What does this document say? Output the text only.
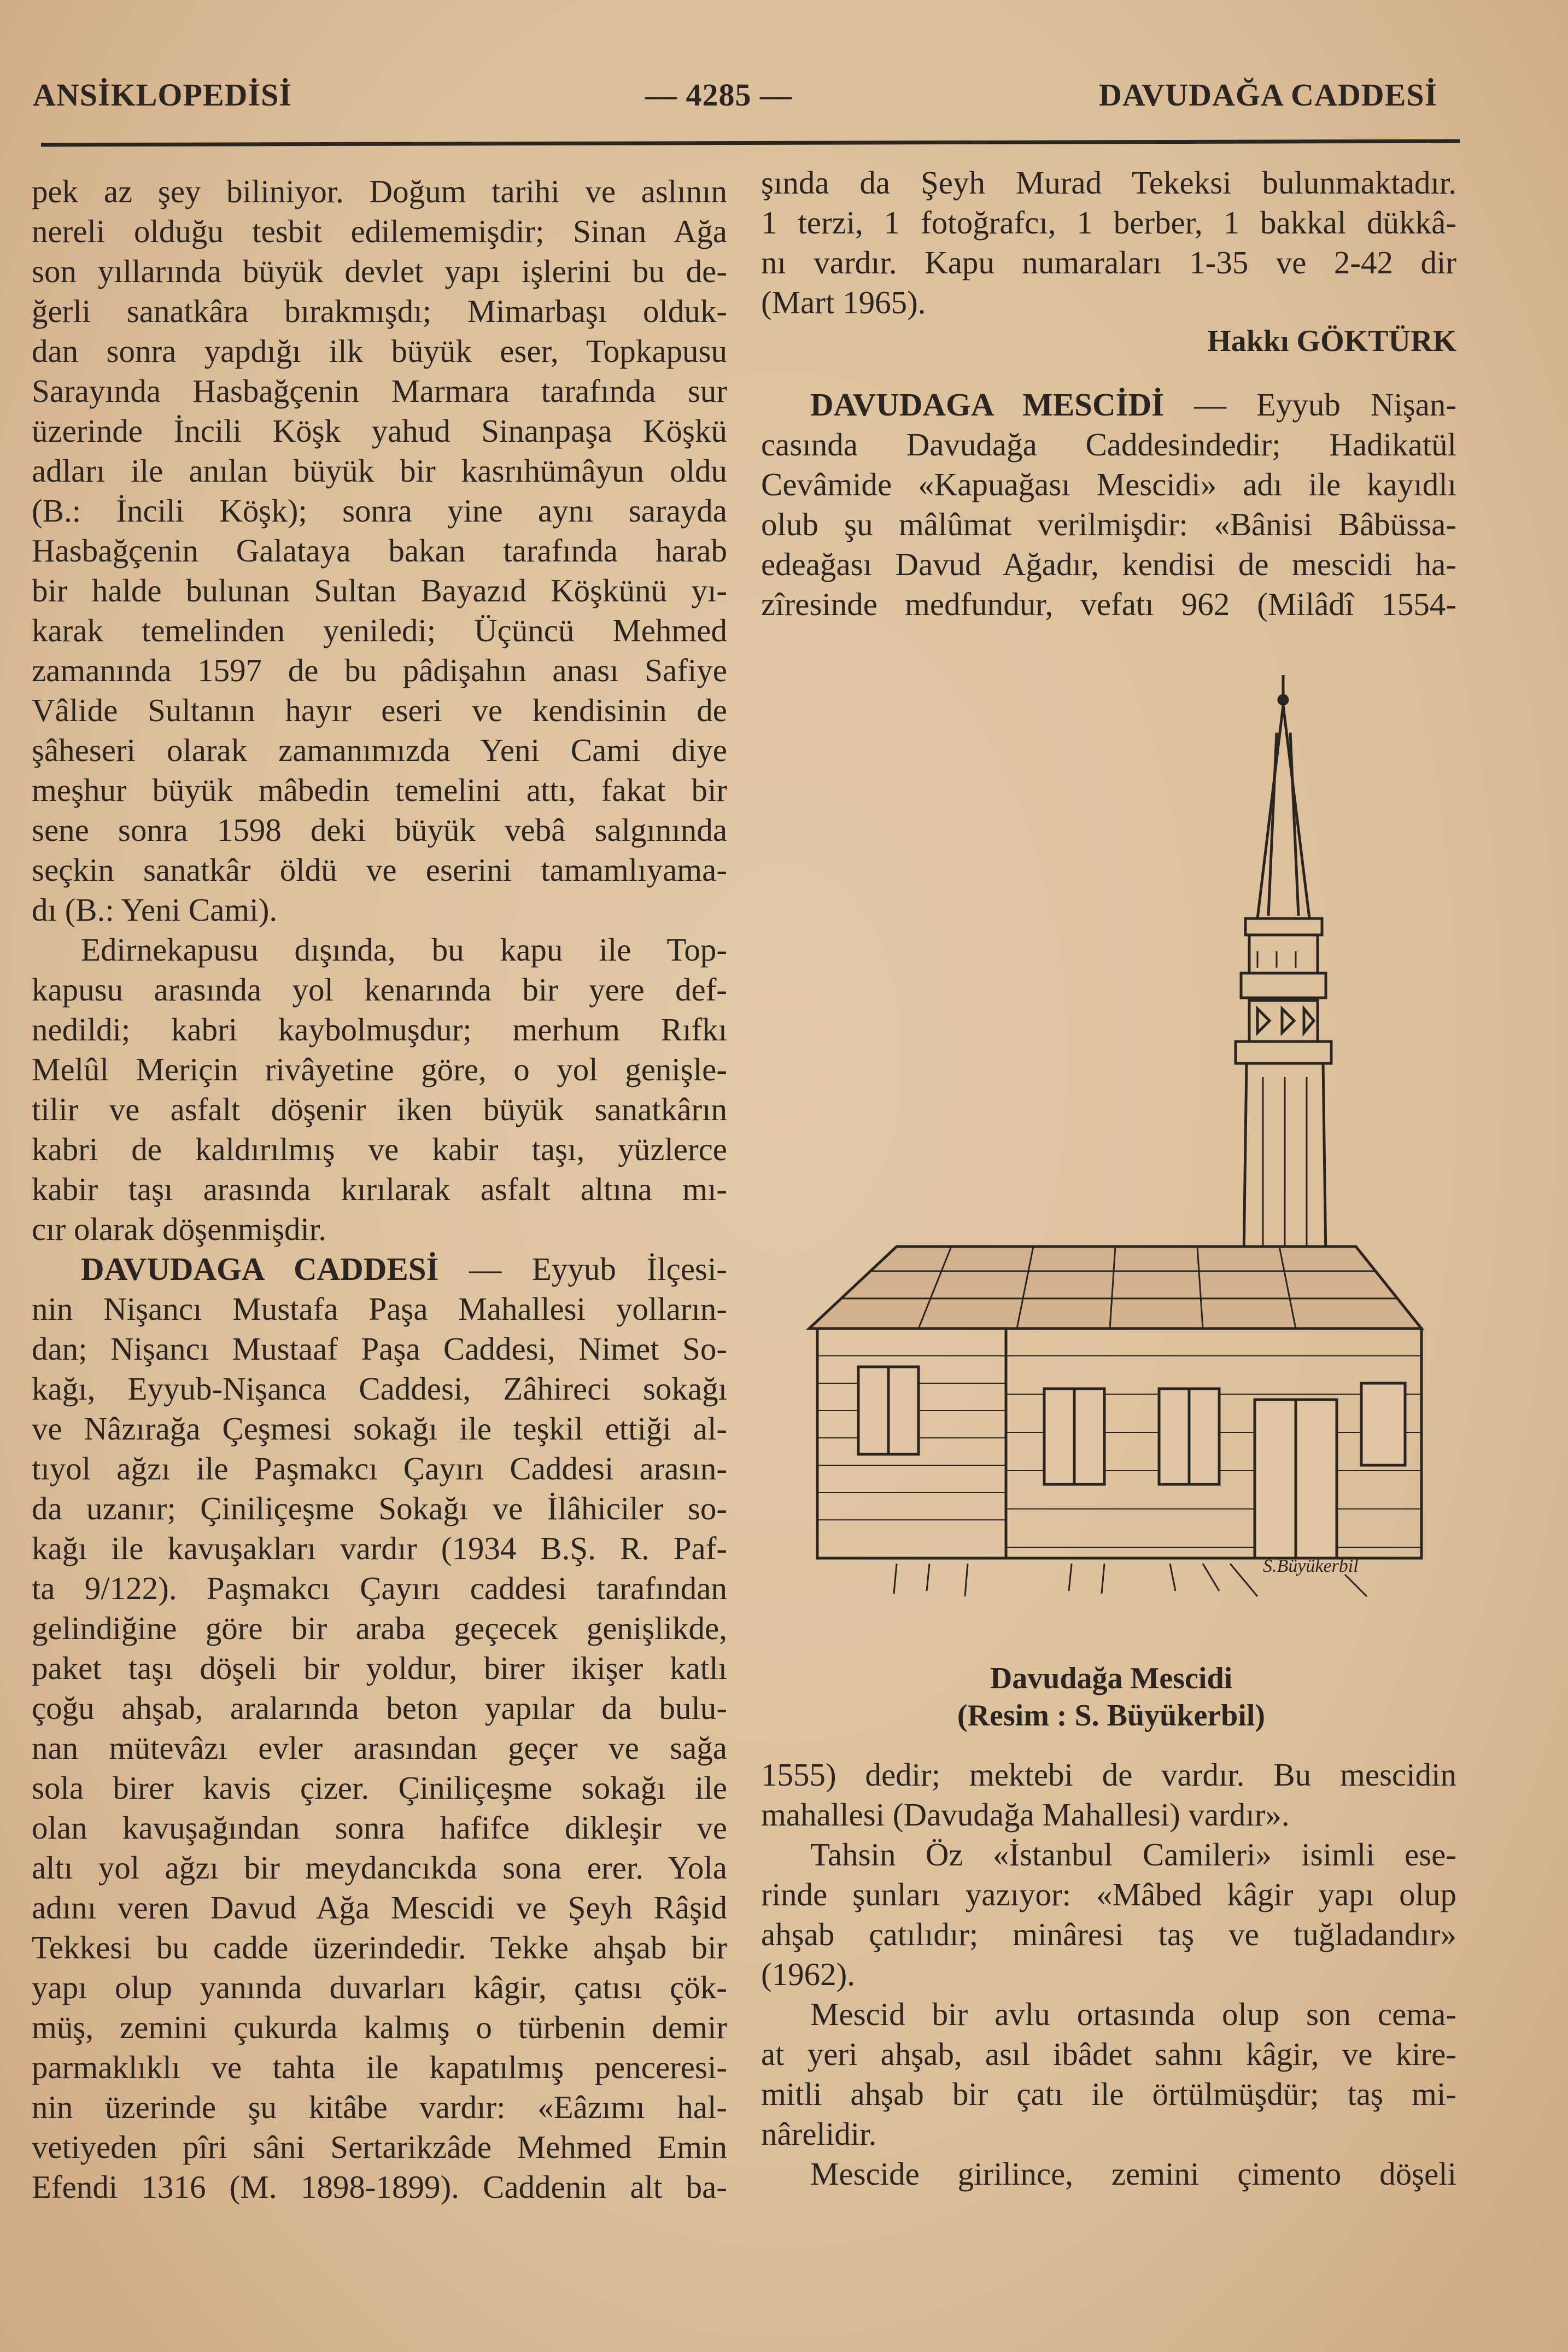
ANSİKLOPEDİSİ	— 4285 —	DAVUDAĞA CADDESİ
pek az şey biliniyor. Doğum tarihi ve aslının
nereli olduğu tesbit edilememişdir; Sinan Ağa
son yıllarında büyük devlet yapı işlerini bu de-
ğerli sanatkâra bırakmışdı; Mimarbaşı olduk-
dan sonra yapdığı ilk büyük eser, Topkapusu
Sarayında Hasbağçenin Marmara tarafında sur
üzerinde İncili Köşk yahud Sinanpaşa Köşkü
adları ile anılan büyük bir kasrıhümâyun oldu
(B.: İncili Köşk); sonra yine aynı sarayda
Hasbağçenin Galataya bakan tarafında harab
bir halde bulunan Sultan Bayazıd Köşkünü yı-
karak temelinden yeniledi; Üçüncü Mehmed
zamanında 1597 de bu pâdişahın anası Safiye
Vâlide Sultanın hayır eseri ve kendisinin de
şâheseri olarak zamanımızda Yeni Cami diye
meşhur büyük mâbedin temelini attı, fakat bir
sene sonra 1598 deki büyük vebâ salgınında
seçkin sanatkâr öldü ve eserini tamamlıyama-
dı (B.: Yeni Cami).
Edirnekapusu dışında, bu kapu ile Top-
kapusu arasında yol kenarında bir yere def-
nedildi; kabri kaybolmuşdur; merhum Rıfkı
Melûl Meriçin rivâyetine göre, o yol genişle-
tilir ve asfalt döşenir iken büyük sanatkârın
kabri de kaldırılmış ve kabir taşı, yüzlerce
kabir taşı arasında kırılarak asfalt altına mı-
cır olarak döşenmişdir.
DAVUDAGA CADDESİ — Eyyub İlçesi-
nin Nişancı Mustafa Paşa Mahallesi yolların-
dan; Nişancı Mustaaf Paşa Caddesi, Nimet So-
kağı, Eyyub-Nişanca Caddesi, Zâhireci sokağı
ve Nâzırağa Çeşmesi sokağı ile teşkil ettiği al-
tıyol ağzı ile Paşmakcı Çayırı Caddesi arasın-
da uzanır; Çiniliçeşme Sokağı ve İlâhiciler so-
kağı ile kavuşakları vardır (1934 B.Ş. R. Paf-
ta 9/122). Paşmakcı Çayırı caddesi tarafından
gelindiğine göre bir araba geçecek genişlikde,
paket taşı döşeli bir yoldur, birer ikişer katlı
çoğu ahşab, aralarında beton yapılar da bulu-
nan mütevâzı evler arasından geçer ve sağa
sola birer kavis çizer. Çiniliçeşme sokağı ile
olan kavuşağından sonra hafifce dikleşir ve
altı yol ağzı bir meydancıkda sona erer. Yola
adını veren Davud Ağa Mescidi ve Şeyh Râşid
Tekkesi bu cadde üzerindedir. Tekke ahşab bir
yapı olup yanında duvarları kâgir, çatısı çök-
müş, zemini çukurda kalmış o türbenin demir
parmaklıklı ve tahta ile kapatılmış penceresi-
nin üzerinde şu kitâbe vardır: «Eâzımı hal-
vetiyeden pîri sâni Sertarikzâde Mehmed Emin
Efendi 1316 (M. 1898-1899). Caddenin alt ba-
şında da Şeyh Murad Tekeksi bulunmaktadır.
1 terzi, 1 fotoğrafcı, 1 berber, 1 bakkal dükkâ-
nı vardır. Kapu numaraları 1-35 ve 2-42 dir
(Mart 1965).
Hakkı GÖKTÜRK
DAVUDAGA MESCİDİ — Eyyub Nişan-
casında Davudağa Caddesindedir; Hadikatül
Cevâmide «Kapuağası Mescidi» adı ile kayıdlı
olub şu mâlûmat verilmişdir: «Bânisi Bâbüssa-
edeağası Davud Ağadır, kendisi de mescidi ha-
zîresinde medfundur, vefatı 962 (Milâdî 1554-
S.Büyükerbil
Davudağa Mescidi
(Resim : S. Büyükerbil)
1555) dedir; mektebi de vardır. Bu mescidin
mahallesi (Davudağa Mahallesi) vardır».
Tahsin Öz «İstanbul Camileri» isimli ese-
rinde şunları yazıyor: «Mâbed kâgir yapı olup
ahşab çatılıdır; minâresi taş ve tuğladandır»
(1962).
Mescid bir avlu ortasında olup son cema-
at yeri ahşab, asıl ibâdet sahnı kâgir, ve kire-
mitli ahşab bir çatı ile örtülmüşdür; taş mi-
nârelidir.
Mescide girilince, zemini çimento döşeli
